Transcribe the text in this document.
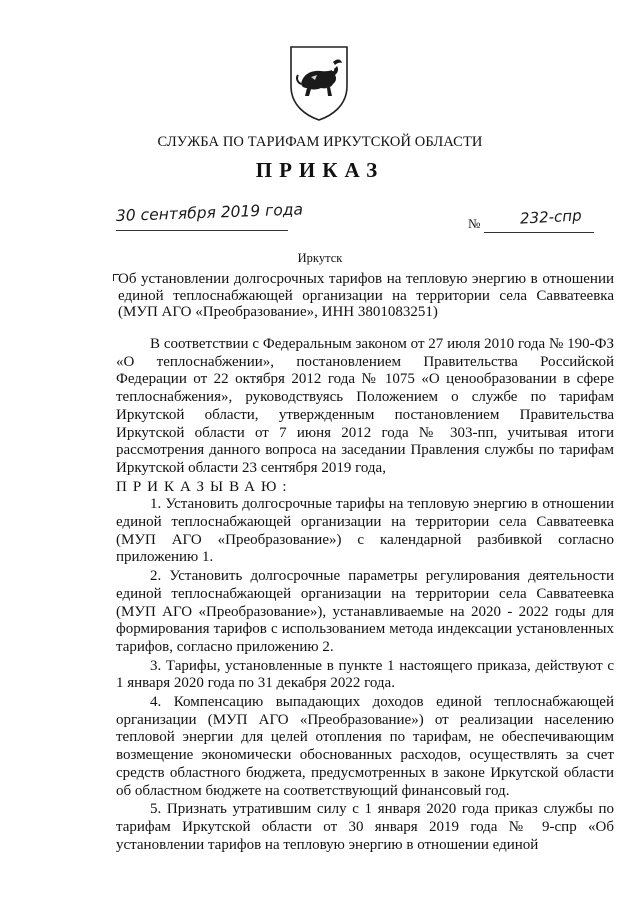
СЛУЖБА ПО ТАРИФАМ ИРКУТСКОЙ ОБЛАСТИ
ПРИКАЗ
30 сентября 2019 года	№	232-спр
Иркутск
Об установлении долгосрочных тарифов на тепловую энергию в отношении
единой теплоснабжающей организации на территории села Савватеевка
(МУП АГО «Преобразование», ИНН 3801083251)

В соответствии с Федеральным законом от 27 июля 2010 года № 190-ФЗ «О теплоснабжении», постановлением Правительства Российской Федерации от 22 октября 2012 года № 1075 «О ценообразовании в сфере теплоснабжения», руководствуясь Положением о службе по тарифам Иркутской области, утвержденным постановлением Правительства Иркутской области от 7 июня 2012 года № 303-пп, учитывая итоги рассмотрения данного вопроса на заседании Правления службы по тарифам Иркутской области 23 сентября 2019 года,

ПРИКАЗЫВАЮ:

1. Установить долгосрочные тарифы на тепловую энергию в отношении единой теплоснабжающей организации на территории села Савватеевка (МУП АГО «Преобразование») с календарной разбивкой согласно приложению 1.

2. Установить долгосрочные параметры регулирования деятельности единой теплоснабжающей организации на территории села Савватеевка (МУП АГО «Преобразование»), устанавливаемые на 2020 - 2022 годы для формирования тарифов с использованием метода индексации установленных тарифов, согласно приложению 2.

3. Тарифы, установленные в пункте 1 настоящего приказа, действуют с 1 января 2020 года по 31 декабря 2022 года.

4. Компенсацию выпадающих доходов единой теплоснабжающей организации (МУП АГО «Преобразование») от реализации населению тепловой энергии для целей отопления по тарифам, не обеспечивающим возмещение экономически обоснованных расходов, осуществлять за счет средств областного бюджета, предусмотренных в законе Иркутской области об областном бюджете на соответствующий финансовый год.

5. Признать утратившим силу с 1 января 2020 года приказ службы по тарифам Иркутской области от 30 января 2019 года № 9-спр «Об установлении тарифов на тепловую энергию в отношении единой
